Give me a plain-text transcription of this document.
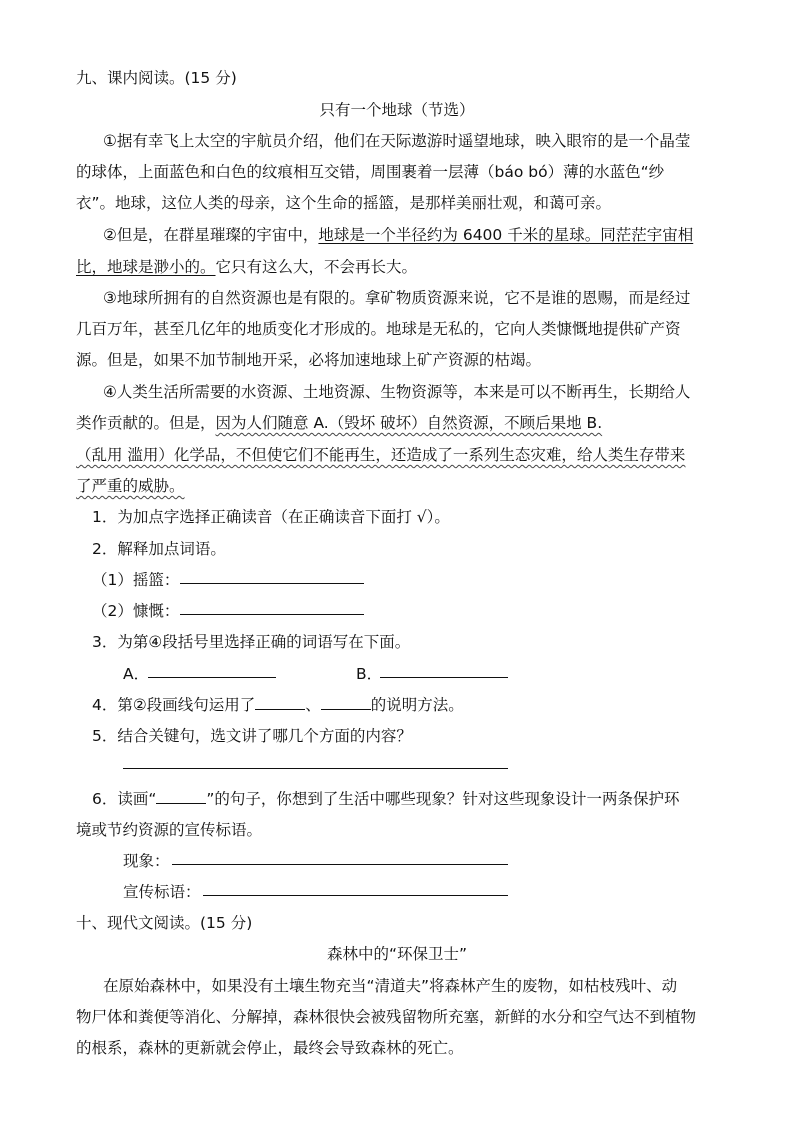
九、课内阅读。(15 分)
只有一个地球（节选）
①据有幸飞上太空的宇航员介绍，他们在天际遨游时遥望地球，映入眼帘的是一个晶莹
的球体，上面蓝色和白色的纹痕相互交错，周围裹着一层薄（báo bó）薄的水蓝色“纱
衣”。地球，这位人类的母亲，这个生命的摇篮，是那样美丽壮观，和蔼可亲。
②但是，在群星璀璨的宇宙中，地球是一个半径约为 6400 千米的星球。同茫茫宇宙相
比，地球是渺小的。它只有这么大，不会再长大。
③地球所拥有的自然资源也是有限的。拿矿物质资源来说，它不是谁的恩赐，而是经过
几百万年，甚至几亿年的地质变化才形成的。地球是无私的，它向人类慷慨地提供矿产资
源。但是，如果不加节制地开采，必将加速地球上矿产资源的枯竭。
④人类生活所需要的水资源、土地资源、生物资源等，本来是可以不断再生，长期给人
类作贡献的。但是，因为人们随意 A.（毁坏 破坏）自然资源，不顾后果地 B.
（乱用 滥用）化学品，不但使它们不能再生，还造成了一系列生态灾难，给人类生存带来
了严重的威胁。
1．为加点字选择正确读音（在正确读音下面打 √）。
2．解释加点词语。
（1）摇篮：
（2）慷慨：
3．为第④段括号里选择正确的词语写在下面。
A．	B．
4．第②段画线句运用了	、	的说明方法。
5．结合关键句，选文讲了哪几个方面的内容？
6．读画“	”的句子，你想到了生活中哪些现象？针对这些现象设计一两条保护环
境或节约资源的宣传标语。
现象：
宣传标语：
十、现代文阅读。(15 分)
森林中的“环保卫士”
在原始森林中，如果没有土壤生物充当“清道夫”将森林产生的废物，如枯枝残叶、动
物尸体和粪便等消化、分解掉，森林很快会被残留物所充塞，新鲜的水分和空气达不到植物
的根系，森林的更新就会停止，最终会导致森林的死亡。
